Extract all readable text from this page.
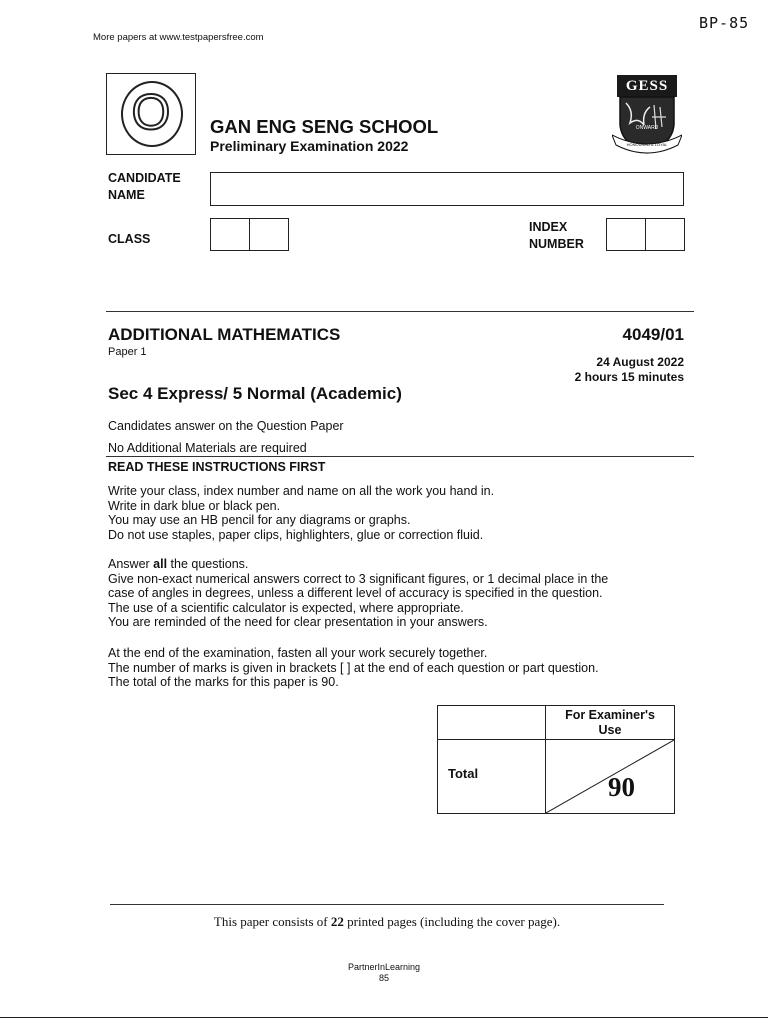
More papers at www.testpapersfree.com
BP-85
O	GAN ENG SENG SCHOOL
Preliminary Examination 2022
GESS
ONWARD
HONOURED & LOYAL
CANDIDATE
NAME
CLASS
INDEX
NUMBER
ADDITIONAL MATHEMATICS	4049/01
Paper 1
24 August 2022
2 hours 15 minutes
Sec 4 Express/ 5 Normal (Academic)
Candidates answer on the Question Paper
No Additional Materials are required
READ THESE INSTRUCTIONS FIRST
Write your class, index number and name on all the work you hand in.
Write in dark blue or black pen.
You may use an HB pencil for any diagrams or graphs.
Do not use staples, paper clips, highlighters, glue or correction fluid.
Answer all the questions.
Give non-exact numerical answers correct to 3 significant figures, or 1 decimal place in the
case of angles in degrees, unless a different level of accuracy is specified in the question.
The use of a scientific calculator is expected, where appropriate.
You are reminded of the need for clear presentation in your answers.
At the end of the examination, fasten all your work securely together.
The number of marks is given in brackets [ ] at the end of each question or part question.
The total of the marks for this paper is 90.
For Examiner's
Use
Total	90
This paper consists of 22 printed pages (including the cover page).
PartnerInLearning
85
